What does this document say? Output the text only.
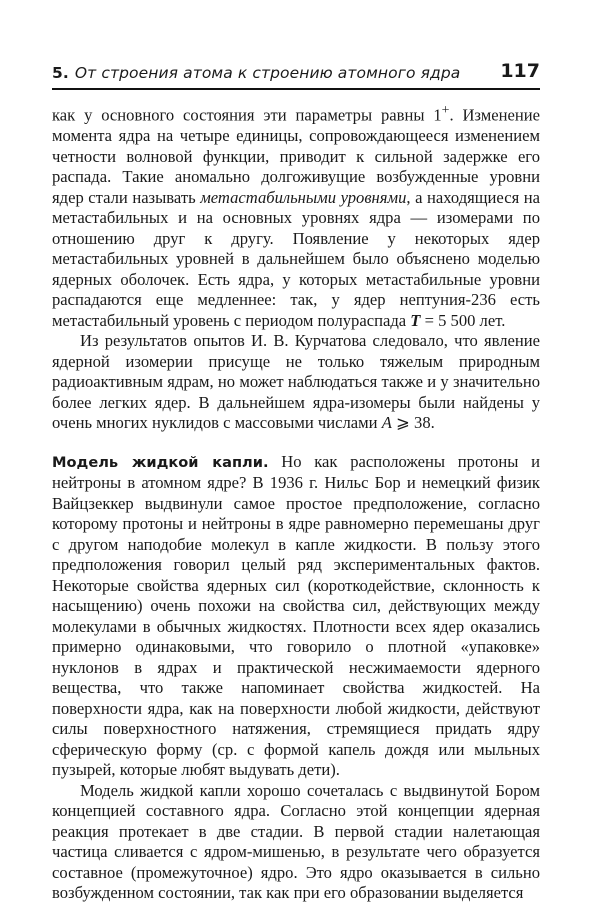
5. От строения атома к строению атомного ядра 117

как у основного состояния эти параметры равны 1+. Изменение момента ядра на четыре единицы, сопровождающееся изменением четности волновой функции, приводит к сильной задержке его распада. Такие аномально долгоживущие возбужденные уровни ядер стали называть метастабильными уровнями, а находящиеся на метастабильных и на основных уровнях ядра — изомерами по отношению друг к другу. Появление у некоторых ядер метастабильных уровней в дальнейшем было объяснено моделью ядерных оболочек. Есть ядра, у которых метастабильные уровни распадаются еще медленнее: так, у ядер нептуния-236 есть метастабильный уровень с периодом полураспада T = 5 500 лет.

Из результатов опытов И. В. Курчатова следовало, что явление ядерной изомерии присуще не только тяжелым природным радиоактивным ядрам, но может наблюдаться также и у значительно более легких ядер. В дальнейшем ядра-изомеры были найдены у очень многих нуклидов с массовыми числами A ⩾ 38.

Модель жидкой капли. Но как расположены протоны и нейтроны в атомном ядре? В 1936 г. Нильс Бор и немецкий физик Вайцзеккер выдвинули самое простое предположение, согласно которому протоны и нейтроны в ядре равномерно перемешаны друг с другом наподобие молекул в капле жидкости. В пользу этого предположения говорил целый ряд экспериментальных фактов. Некоторые свойства ядерных сил (короткодействие, склонность к насыщению) очень похожи на свойства сил, действующих между молекулами в обычных жидкостях. Плотности всех ядер оказались примерно одинаковыми, что говорило о плотной «упаковке» нуклонов в ядрах и практической несжимаемости ядерного вещества, что также напоминает свойства жидкостей. На поверхности ядра, как на поверхности любой жидкости, действуют силы поверхностного натяжения, стремящиеся придать ядру сферическую форму (ср. с формой капель дождя или мыльных пузырей, которые любят выдувать дети).

Модель жидкой капли хорошо сочеталась с выдвинутой Бором концепцией составного ядра. Согласно этой концепции ядерная реакция протекает в две стадии. В первой стадии налетающая частица сливается с ядром-мишенью, в результате чего образуется составное (промежуточное) ядро. Это ядро оказывается в сильно возбужденном состоянии, так как при его образовании выделяется
